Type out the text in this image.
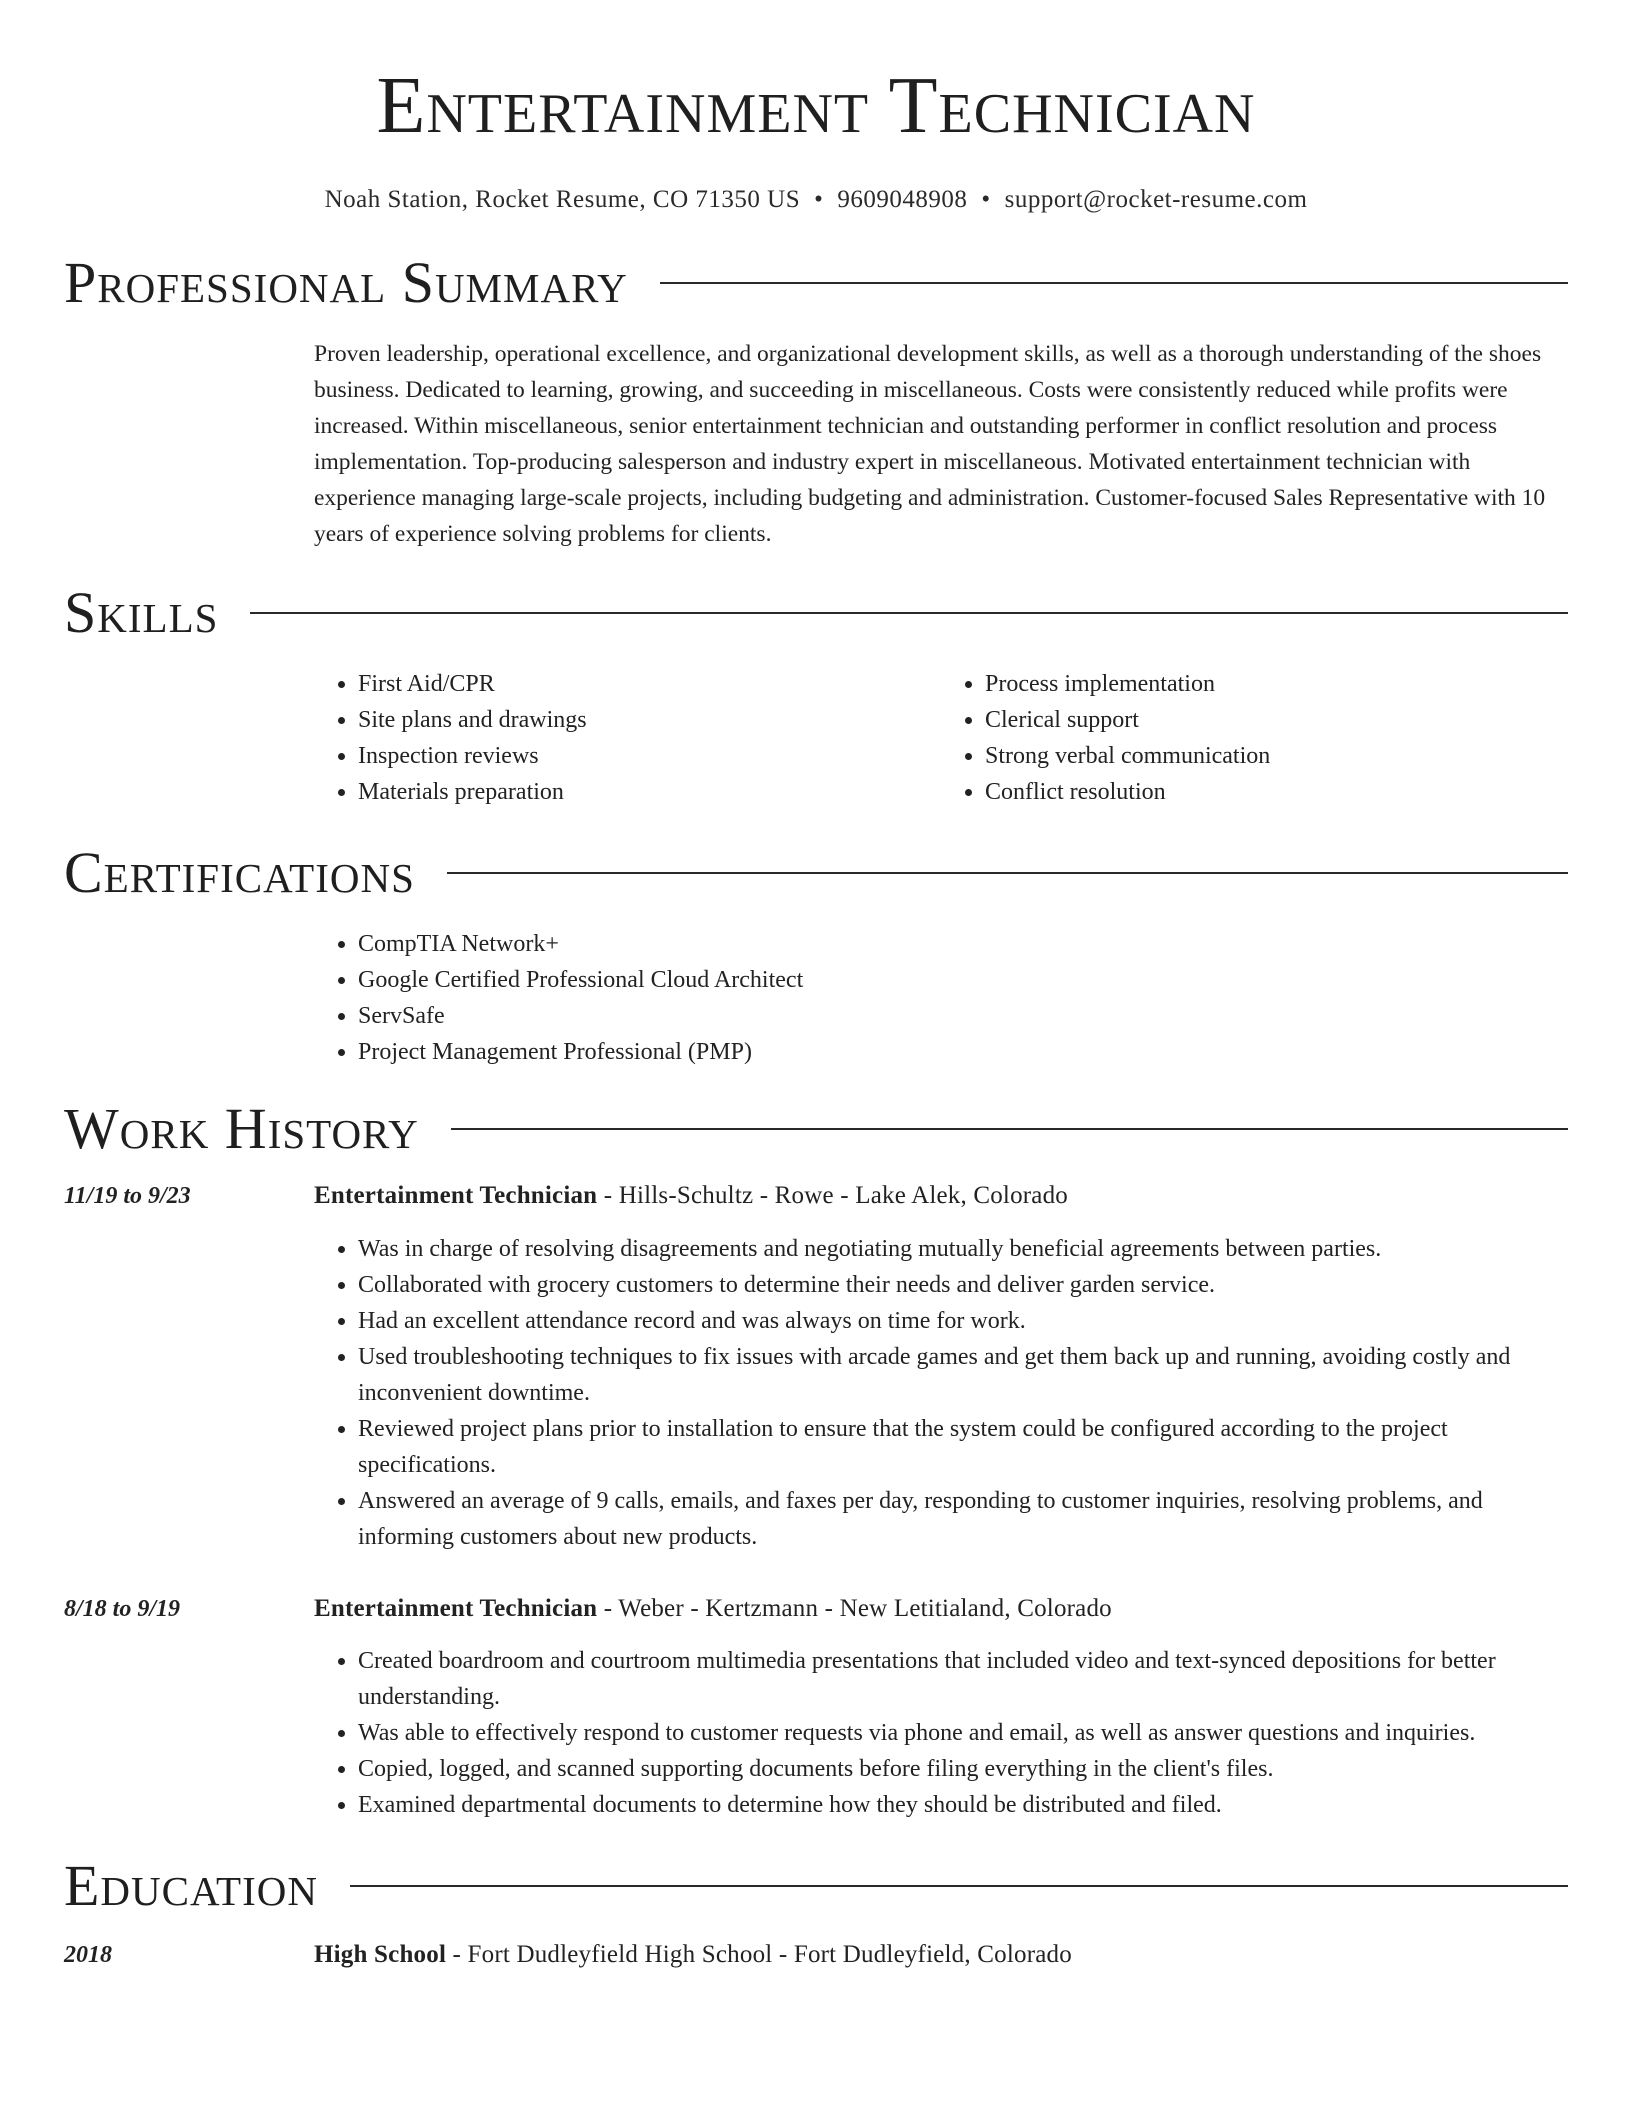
Entertainment Technician
Noah Station, Rocket Resume, CO 71350 US • 9609048908 • support@rocket-resume.com
Professional Summary

Proven leadership, operational excellence, and organizational development skills, as well as a thorough understanding of the shoes business. Dedicated to learning, growing, and succeeding in miscellaneous. Costs were consistently reduced while profits were increased. Within miscellaneous, senior entertainment technician and outstanding performer in conflict resolution and process implementation. Top-producing salesperson and industry expert in miscellaneous. Motivated entertainment technician with experience managing large-scale projects, including budgeting and administration. Customer-focused Sales Representative with 10 years of experience solving problems for clients.

Skills
• First Aid/CPR
• Site plans and drawings
• Inspection reviews
• Materials preparation
• Process implementation
• Clerical support
• Strong verbal communication
• Conflict resolution
Certifications
• CompTIA Network+
• Google Certified Professional Cloud Architect
• ServSafe
• Project Management Professional (PMP)
Work History
11/19 to 9/23	Entertainment Technician - Hills-Schultz - Rowe - Lake Alek, Colorado
• Was in charge of resolving disagreements and negotiating mutually beneficial agreements between parties.
• Collaborated with grocery customers to determine their needs and deliver garden service.
• Had an excellent attendance record and was always on time for work.
• Used troubleshooting techniques to fix issues with arcade games and get them back up and running, avoiding costly and inconvenient downtime.
• Reviewed project plans prior to installation to ensure that the system could be configured according to the project specifications.
• Answered an average of 9 calls, emails, and faxes per day, responding to customer inquiries, resolving problems, and informing customers about new products.
8/18 to 9/19	Entertainment Technician - Weber - Kertzmann - New Letitialand, Colorado
• Created boardroom and courtroom multimedia presentations that included video and text-synced depositions for better understanding.
• Was able to effectively respond to customer requests via phone and email, as well as answer questions and inquiries.
• Copied, logged, and scanned supporting documents before filing everything in the client's files.
• Examined departmental documents to determine how they should be distributed and filed.
Education
2018	High School - Fort Dudleyfield High School - Fort Dudleyfield, Colorado
